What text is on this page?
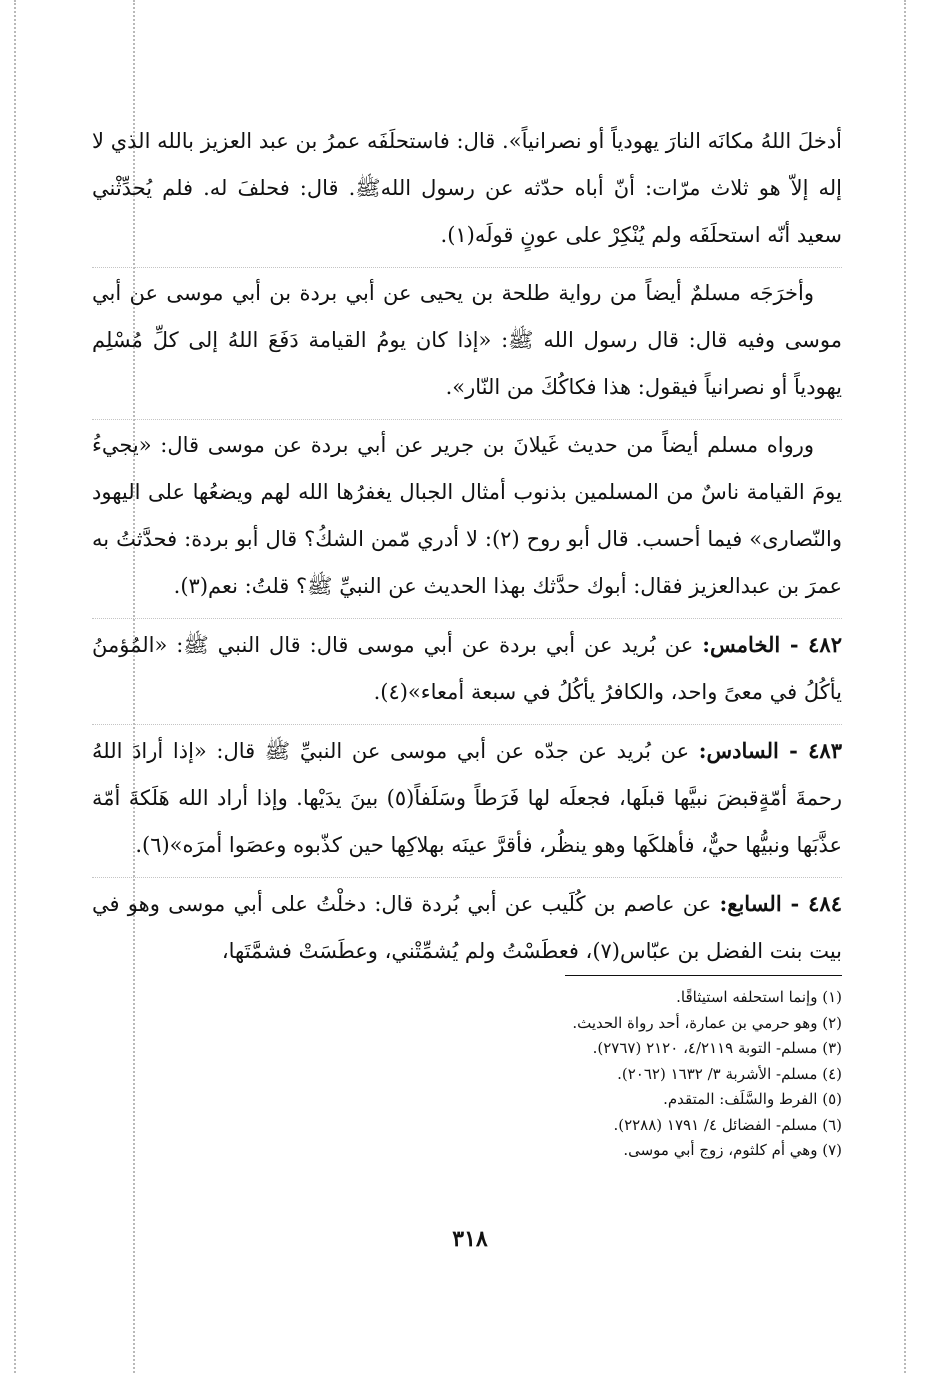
أدخلَ اللهُ مكانَه النارَ يهودياً أو نصرانياً». قال: فاستحلَفَه عمرُ بن عبد العزيز بالله الذي لا إله إلاّ هو ثلاث مرّات: أنّ أباه حدّثه عن رسول اللهﷺ. قال: فحلفَ له. فلم يُحدِّثْني سعيد أنّه استحلَفَه ولم يُنْكِرْ على عونٍ قولَه(١).

وأخرَجَه مسلمٌ أيضاً من رواية طلحة بن يحيى عن أبي بردة بن أبي موسى عن أبي موسى وفيه قال: قال رسول الله ﷺ: «إذا كان يومُ القيامة دَفَعَ اللهُ إلى كلِّ مُسْلِم يهودياً أو نصرانياً فيقول: هذا فكاكُكَ من النّار».

ورواه مسلم أيضاً من حديث غَيلانَ بن جرير عن أبي بردة عن موسى قال: «يجيءُ يومَ القيامة ناسٌ من المسلمين بذنوب أمثال الجبال يغفرُها الله لهم ويضعُها على اليهود والنّصارى» فيما أحسب. قال أبو روح (٢): لا أدري مّمن الشكُ؟ قال أبو بردة: فحدَّثتُ به عمرَ بن عبدالعزيز فقال: أبوك حدَّثك بهذا الحديث عن النبيِّ ﷺ؟ قلتُ: نعم(٣).

٤٨٢ - الخامس: عن بُريد عن أبي بردة عن أبي موسى قال: قال النبي ﷺ: «المُؤمنُ يأكُلُ في معىً واحد، والكافرُ يأكُلُ في سبعة أمعاء»(٤).

٤٨٣ - السادس: عن بُريد عن جدّه عن أبي موسى عن النبيِّ ﷺ قال: «إذا أرادَ اللهُ رحمةَ أمّةٍقبضَ نبيَّها قبلَها، فجعلَه لها فَرَطاً وسَلَفاً(٥) بينَ يدَيْها. وإذا أراد الله هَلَكةَ أمّة عذَّبَها ونبيُّها حيٌّ، فأهلكَها وهو ينظُر، فأقرَّ عينَه بهلاكِها حين كذّبوه وعصَوا أمرَه»(٦).

٤٨٤ - السابع: عن عاصم بن كُلَيب عن أبي بُردة قال: دخلْتُ على أبي موسى وهو في بيت بنت الفضل بن عبّاس(٧)، فعطَسْتُ ولم يُشمِّتْني، وعطَسَتْ فشمَّتَها،

(١) وإنما استحلفه استيثاقًا.
(٢) وهو حرمي بن عمارة، أحد رواة الحديث.
(٣) مسلم- التوبة ٤/٢١١٩، ٢١٢٠ (٢٧٦٧).
(٤) مسلم- الأشربة ٣/ ١٦٣٢ (٢٠٦٢).
(٥) الفرط والسَّلَف: المتقدم.
(٦) مسلم- الفضائل ٤/ ١٧٩١ (٢٢٨٨).
(٧) وهي أم كلثوم، زوج أبي موسى.
٣١٨
